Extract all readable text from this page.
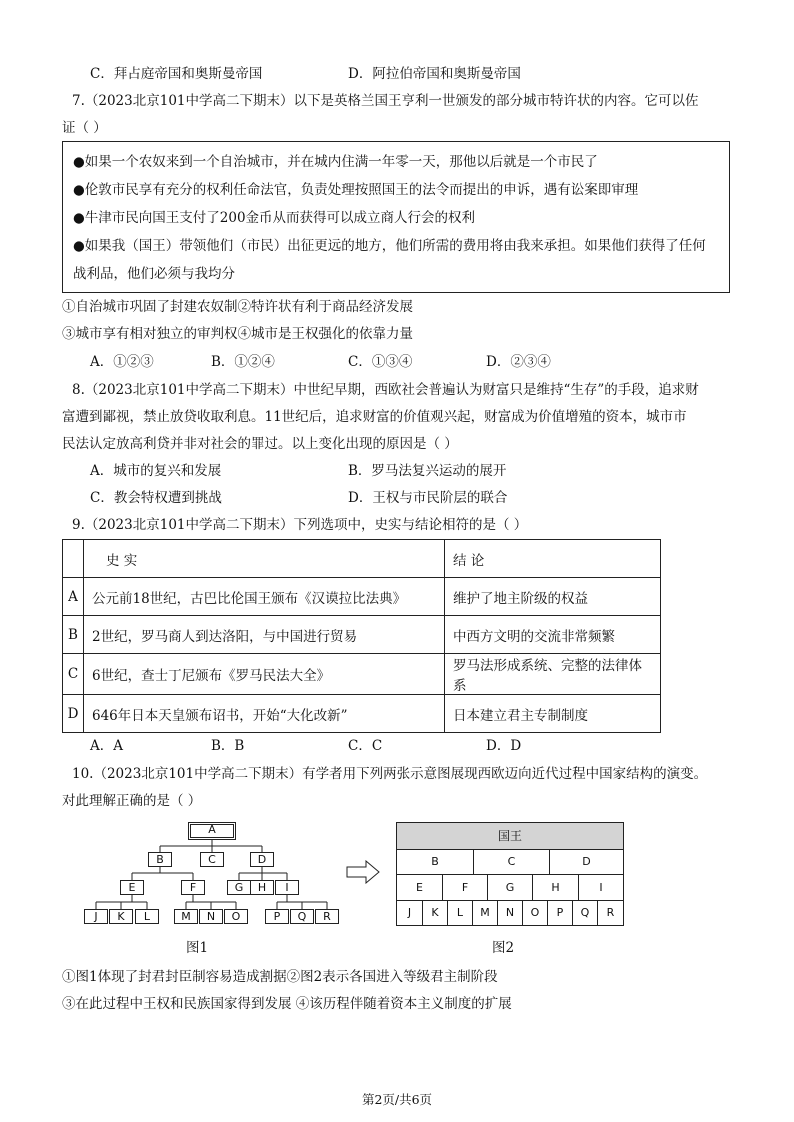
C．拜占庭帝国和奥斯曼帝国	D．阿拉伯帝国和奥斯曼帝国
7.（2023北京101中学高二下期末）以下是英格兰国王亨利一世颁发的部分城市特许状的内容。它可以佐
证（ ）
●如果一个农奴来到一个自治城市，并在城内住满一年零一天，那他以后就是一个市民了
●伦敦市民享有充分的权利任命法官，负责处理按照国王的法令而提出的申诉，遇有讼案即审理
●牛津市民向国王支付了200金币从而获得可以成立商人行会的权利
●如果我（国王）带领他们（市民）出征更远的地方，他们所需的费用将由我来承担。如果他们获得了任何
战利品，他们必须与我均分
①自治城市巩固了封建农奴制②特许状有利于商品经济发展
③城市享有相对独立的审判权④城市是王权强化的依靠力量
A．①②③	B．①②④	C．①③④	D．②③④
8.（2023北京101中学高二下期末）中世纪早期，西欧社会普遍认为财富只是维持“生存”的手段，追求财
富遭到鄙视，禁止放贷收取利息。11世纪后，追求财富的价值观兴起，财富成为价值增殖的资本，城市市
民法认定放高利贷并非对社会的罪过。以上变化出现的原因是（ ）
A．城市的复兴和发展	B．罗马法复兴运动的展开
C．教会特权遭到挑战	D．王权与市民阶层的联合
9.（2023北京101中学高二下期末）下列选项中，史实与结论相符的是（ ）
	史 实	结 论
A	公元前18世纪，古巴比伦国王颁布《汉谟拉比法典》	维护了地主阶级的权益
B	2世纪，罗马商人到达洛阳，与中国进行贸易	中西方文明的交流非常频繁
C	6世纪，查士丁尼颁布《罗马民法大全》	罗马法形成系统、完整的法律体系
D	646年日本天皇颁布诏书，开始“大化改新”	日本建立君主专制制度
A．A	B．B	C．C	D．D
10.（2023北京101中学高二下期末）有学者用下列两张示意图展现西欧迈向近代过程中国家结构的演变。
对此理解正确的是（ ）
A
B	C	D
E	F	G	H	I
J	K	L	M	N	O	P	Q	R
图1
国王
B	C	D
E	F	G	H	I
J	K	L	M	N	O	P	Q	R
图2
①图1体现了封君封臣制容易造成割据②图2表示各国进入等级君主制阶段
③在此过程中王权和民族国家得到发展 ④该历程伴随着资本主义制度的扩展
第2页/共6页
